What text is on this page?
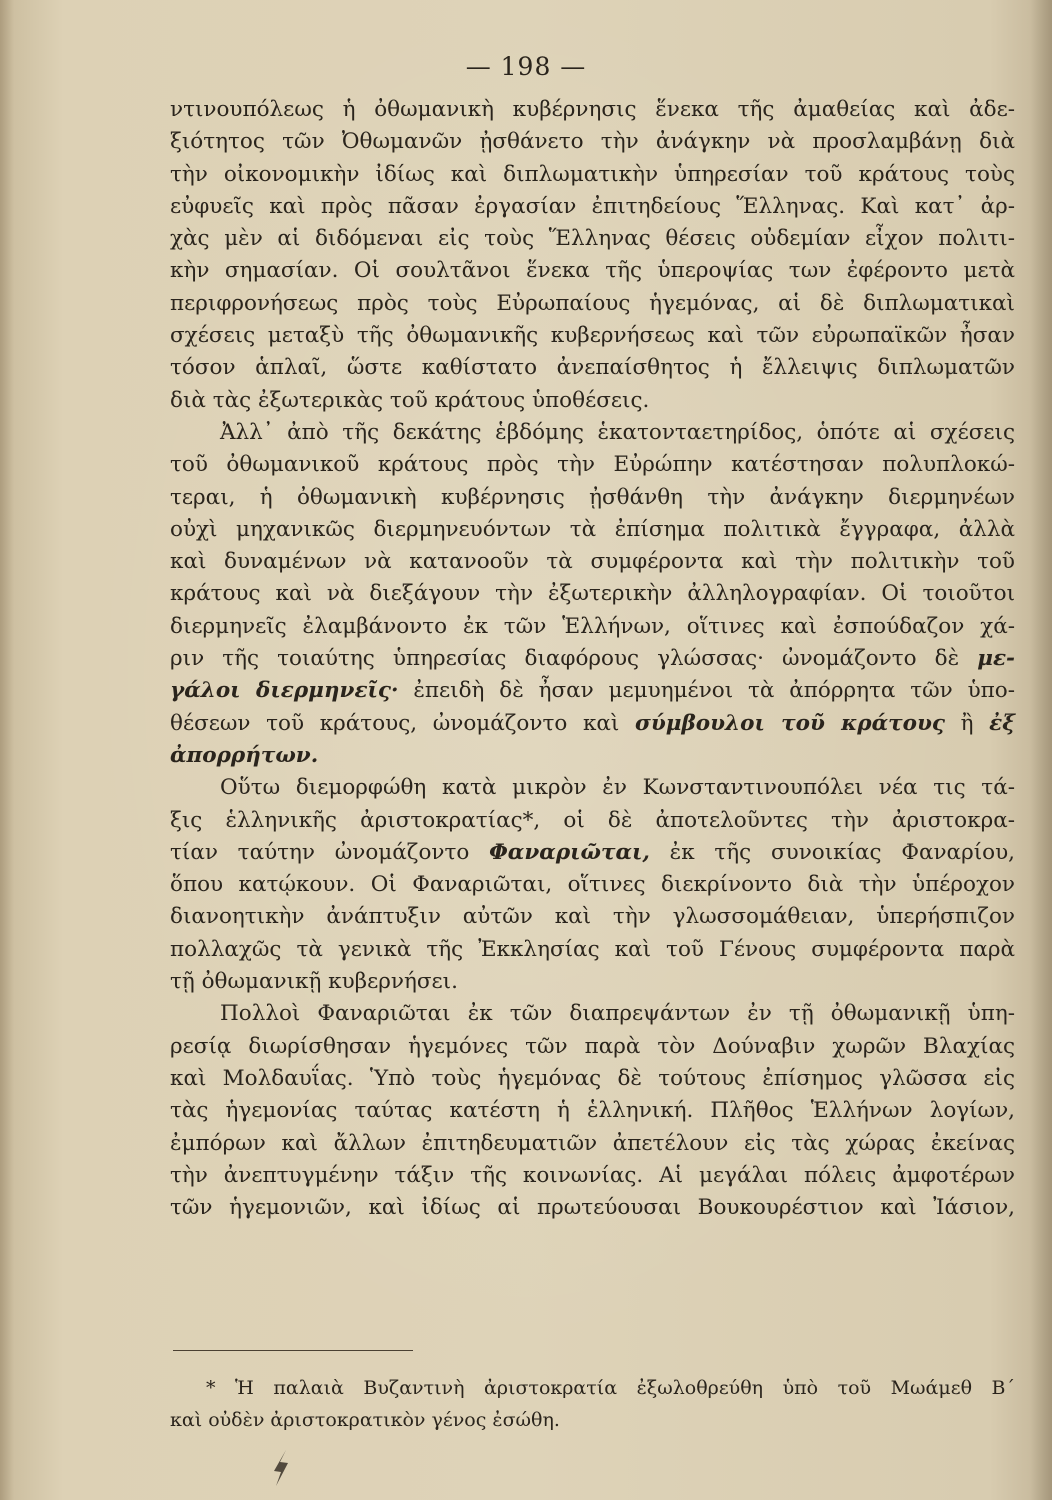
— 198 —
ντινουπόλεως ἡ ὀθωμανικὴ κυβέρνησις ἕνεκα τῆς ἀμαθείας καὶ ἀδε-
ξιότητος τῶν Ὀθωμανῶν ᾐσθάνετο τὴν ἀνάγκην νὰ προσλαμβάνῃ διὰ
τὴν οἰκονομικὴν ἰδίως καὶ διπλωματικὴν ὑπηρεσίαν τοῦ κράτους τοὺς
εὐφυεῖς καὶ πρὸς πᾶσαν ἐργασίαν ἐπιτηδείους Ἕλληνας. Καὶ κατ᾽ ἀρ-
χὰς μὲν αἱ διδόμεναι εἰς τοὺς Ἕλληνας θέσεις οὐδεμίαν εἶχον πολιτι-
κὴν σημασίαν. Οἱ σουλτᾶνοι ἕνεκα τῆς ὑπεροψίας των ἐφέροντο μετὰ
περιφρονήσεως πρὸς τοὺς Εὐρωπαίους ἡγεμόνας, αἱ δὲ διπλωματικαὶ
σχέσεις μεταξὺ τῆς ὀθωμανικῆς κυβερνήσεως καὶ τῶν εὐρωπαϊκῶν ἦσαν
τόσον ἁπλαῖ, ὥστε καθίστατο ἀνεπαίσθητος ἡ ἔλλειψις διπλωματῶν
διὰ τὰς ἐξωτερικὰς τοῦ κράτους ὑποθέσεις.
Ἀλλ᾽ ἀπὸ τῆς δεκάτης ἑβδόμης ἑκατονταετηρίδος, ὁπότε αἱ σχέσεις
τοῦ ὀθωμανικοῦ κράτους πρὸς τὴν Εὐρώπην κατέστησαν πολυπλοκώ-
τεραι, ἡ ὀθωμανικὴ κυβέρνησις ᾐσθάνθη τὴν ἀνάγκην διερμηνέων
οὐχὶ μηχανικῶς διερμηνευόντων τὰ ἐπίσημα πολιτικὰ ἔγγραφα, ἀλλὰ
καὶ δυναμένων νὰ κατανοοῦν τὰ συμφέροντα καὶ τὴν πολιτικὴν τοῦ
κράτους καὶ νὰ διεξάγουν τὴν ἐξωτερικὴν ἀλληλογραφίαν. Οἱ τοιοῦτοι
διερμηνεῖς ἐλαμβάνοντο ἐκ τῶν Ἑλλήνων, οἵτινες καὶ ἐσπούδαζον χά-
ριν τῆς τοιαύτης ὑπηρεσίας διαφόρους γλώσσας· ὠνομάζοντο δὲ με-
γάλοι διερμηνεῖς· ἐπειδὴ δὲ ἦσαν μεμυημένοι τὰ ἀπόρρητα τῶν ὑπο-
θέσεων τοῦ κράτους, ὠνομάζοντο καὶ σύμβουλοι τοῦ κράτους ἢ ἐξ
ἀπορρήτων.
Οὕτω διεμορφώθη κατὰ μικρὸν ἐν Κωνσταντινουπόλει νέα τις τά-
ξις ἑλληνικῆς ἀριστοκρατίας*, οἱ δὲ ἀποτελοῦντες τὴν ἀριστοκρα-
τίαν ταύτην ὠνομάζοντο Φαναριῶται, ἐκ τῆς συνοικίας Φαναρίου,
ὅπου κατῴκουν. Οἱ Φαναριῶται, οἵτινες διεκρίνοντο διὰ τὴν ὑπέροχον
διανοητικὴν ἀνάπτυξιν αὐτῶν καὶ τὴν γλωσσομάθειαν, ὑπερήσπιζον
πολλαχῶς τὰ γενικὰ τῆς Ἐκκλησίας καὶ τοῦ Γένους συμφέροντα παρὰ
τῇ ὀθωμανικῇ κυβερνήσει.
Πολλοὶ Φαναριῶται ἐκ τῶν διαπρεψάντων ἐν τῇ ὀθωμανικῇ ὑπη-
ρεσίᾳ διωρίσθησαν ἡγεμόνες τῶν παρὰ τὸν Δούναβιν χωρῶν Βλαχίας
καὶ Μολδαυΐας. Ὑπὸ τοὺς ἡγεμόνας δὲ τούτους ἐπίσημος γλῶσσα εἰς
τὰς ἡγεμονίας ταύτας κατέστη ἡ ἑλληνική. Πλῆθος Ἑλλήνων λογίων,
ἐμπόρων καὶ ἄλλων ἐπιτηδευματιῶν ἀπετέλουν εἰς τὰς χώρας ἐκείνας
τὴν ἀνεπτυγμένην τάξιν τῆς κοινωνίας. Αἱ μεγάλαι πόλεις ἀμφοτέρων
τῶν ἡγεμονιῶν, καὶ ἰδίως αἱ πρωτεύουσαι Βουκουρέστιον καὶ Ἰάσιον,
* Ἡ παλαιὰ Βυζαντινὴ ἀριστοκρατία ἐξωλοθρεύθη ὑπὸ τοῦ Μωάμεθ Β´
καὶ οὐδὲν ἀριστοκρατικὸν γένος ἐσώθη.
